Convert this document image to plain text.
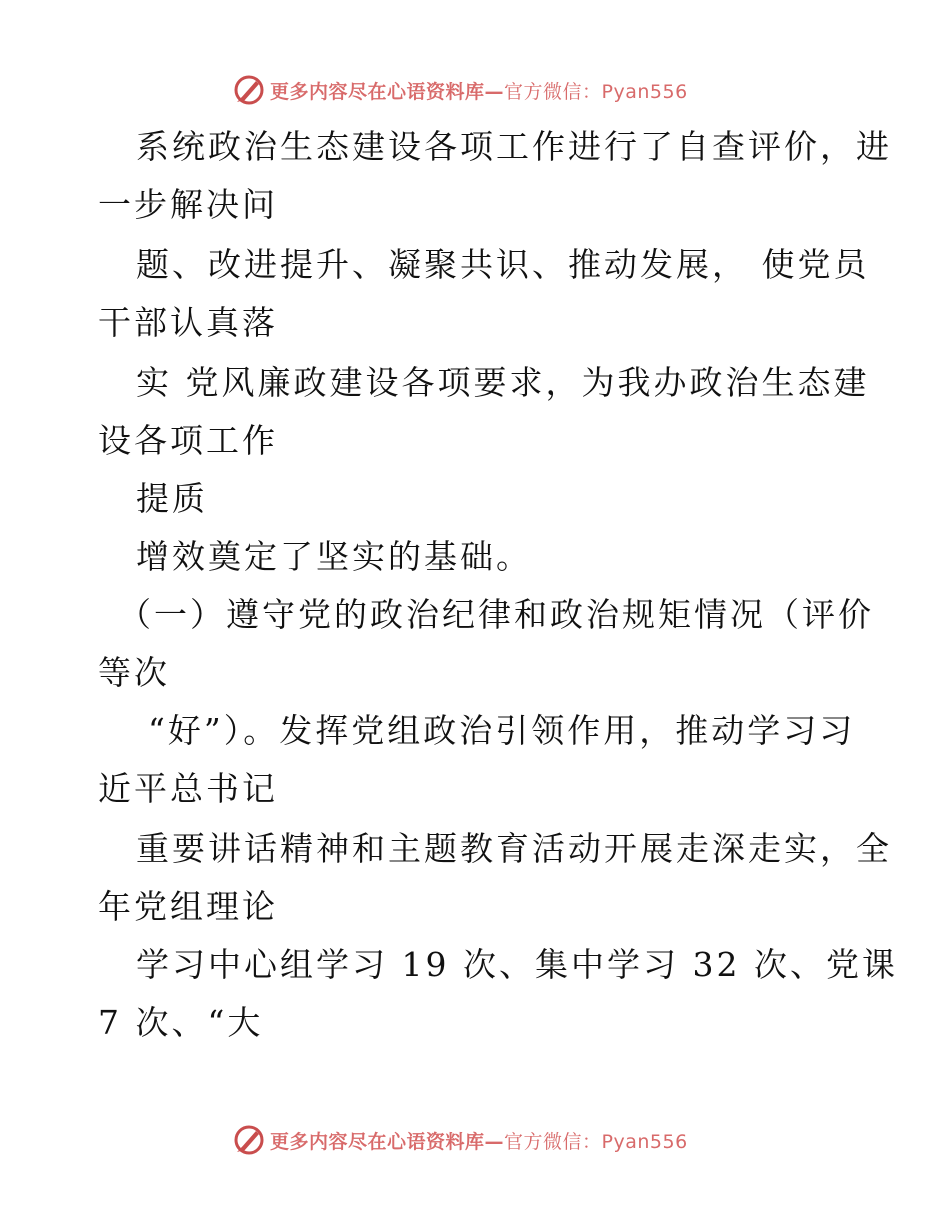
更多内容尽在心语资料库— 官方微信：Pyan556
系统政治生态建设各项工作进行了自查评价，进
一步解决问
题、改进提升、凝聚共识、推动发展， 使党员
干部认真落
实 党风廉政建设各项要求，为我办政治生态建
设各项工作
提质
增效奠定了坚实的基础。
（一）遵守党的政治纪律和政治规矩情况（评价
等次
“好”）。发挥党组政治引领作用，推动学习习
近平总书记
重要讲话精神和主题教育活动开展走深走实，全
年党组理论
学习中心组学习 19 次、集中学习 32 次、党课
7 次、“大
更多内容尽在心语资料库— 官方微信：Pyan556
